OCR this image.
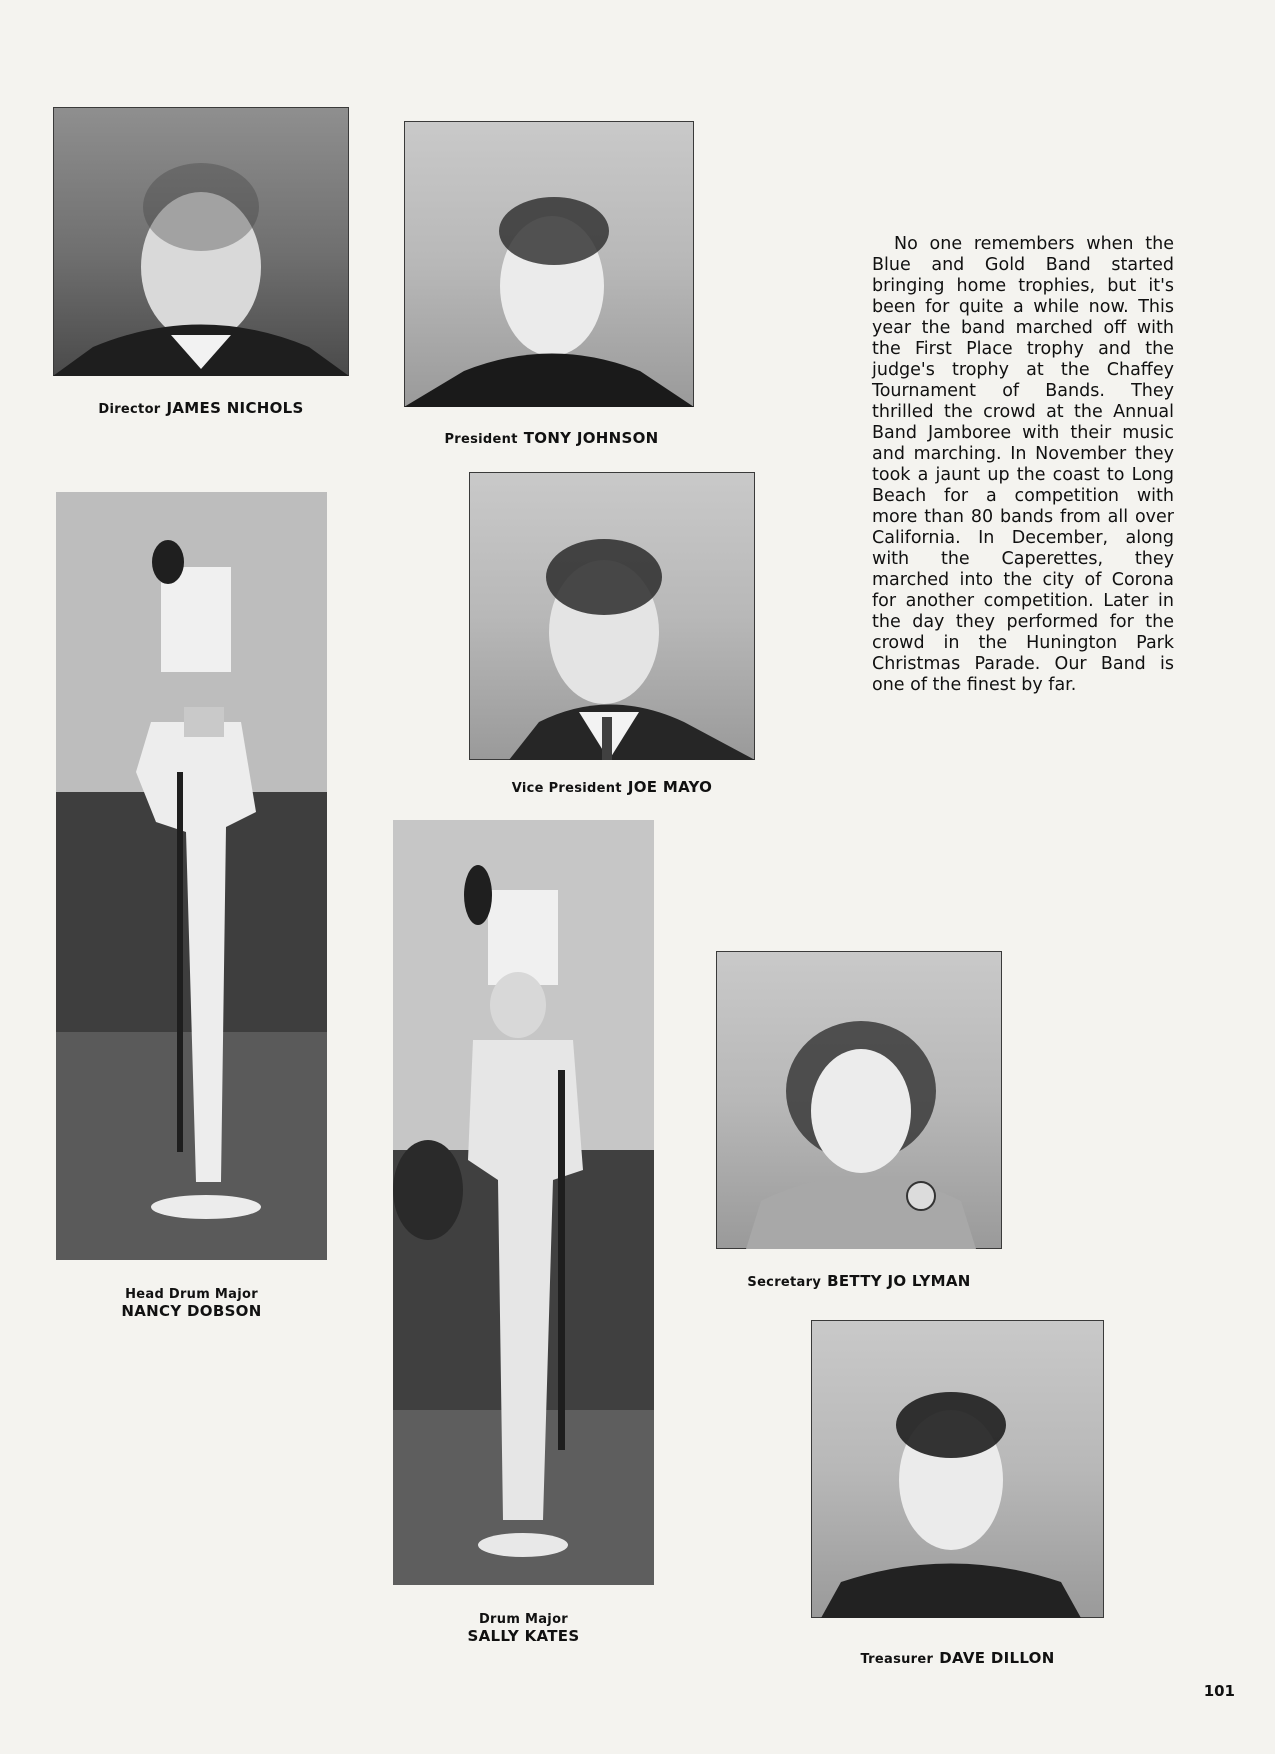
Director JAMES NICHOLS
President TONY JOHNSON

No one remembers when the Blue and Gold Band started bringing home trophies, but it's been for quite a while now. This year the band marched off with the First Place trophy and the judge's trophy at the Chaffey Tournament of Bands. They thrilled the crowd at the Annual Band Jamboree with their music and marching. In November they took a jaunt up the coast to Long Beach for a competition with more than 80 bands from all over California. In December, along with the Caperettes, they marched into the city of Corona for another competition. Later in the day they performed for the crowd in the Hunington Park Christmas Parade. Our Band is one of the finest by far.

Head Drum Major
NANCY DOBSON
Vice President JOE MAYO
Drum Major
SALLY KATES
Secretary BETTY JO LYMAN
Treasurer DAVE DILLON
101
